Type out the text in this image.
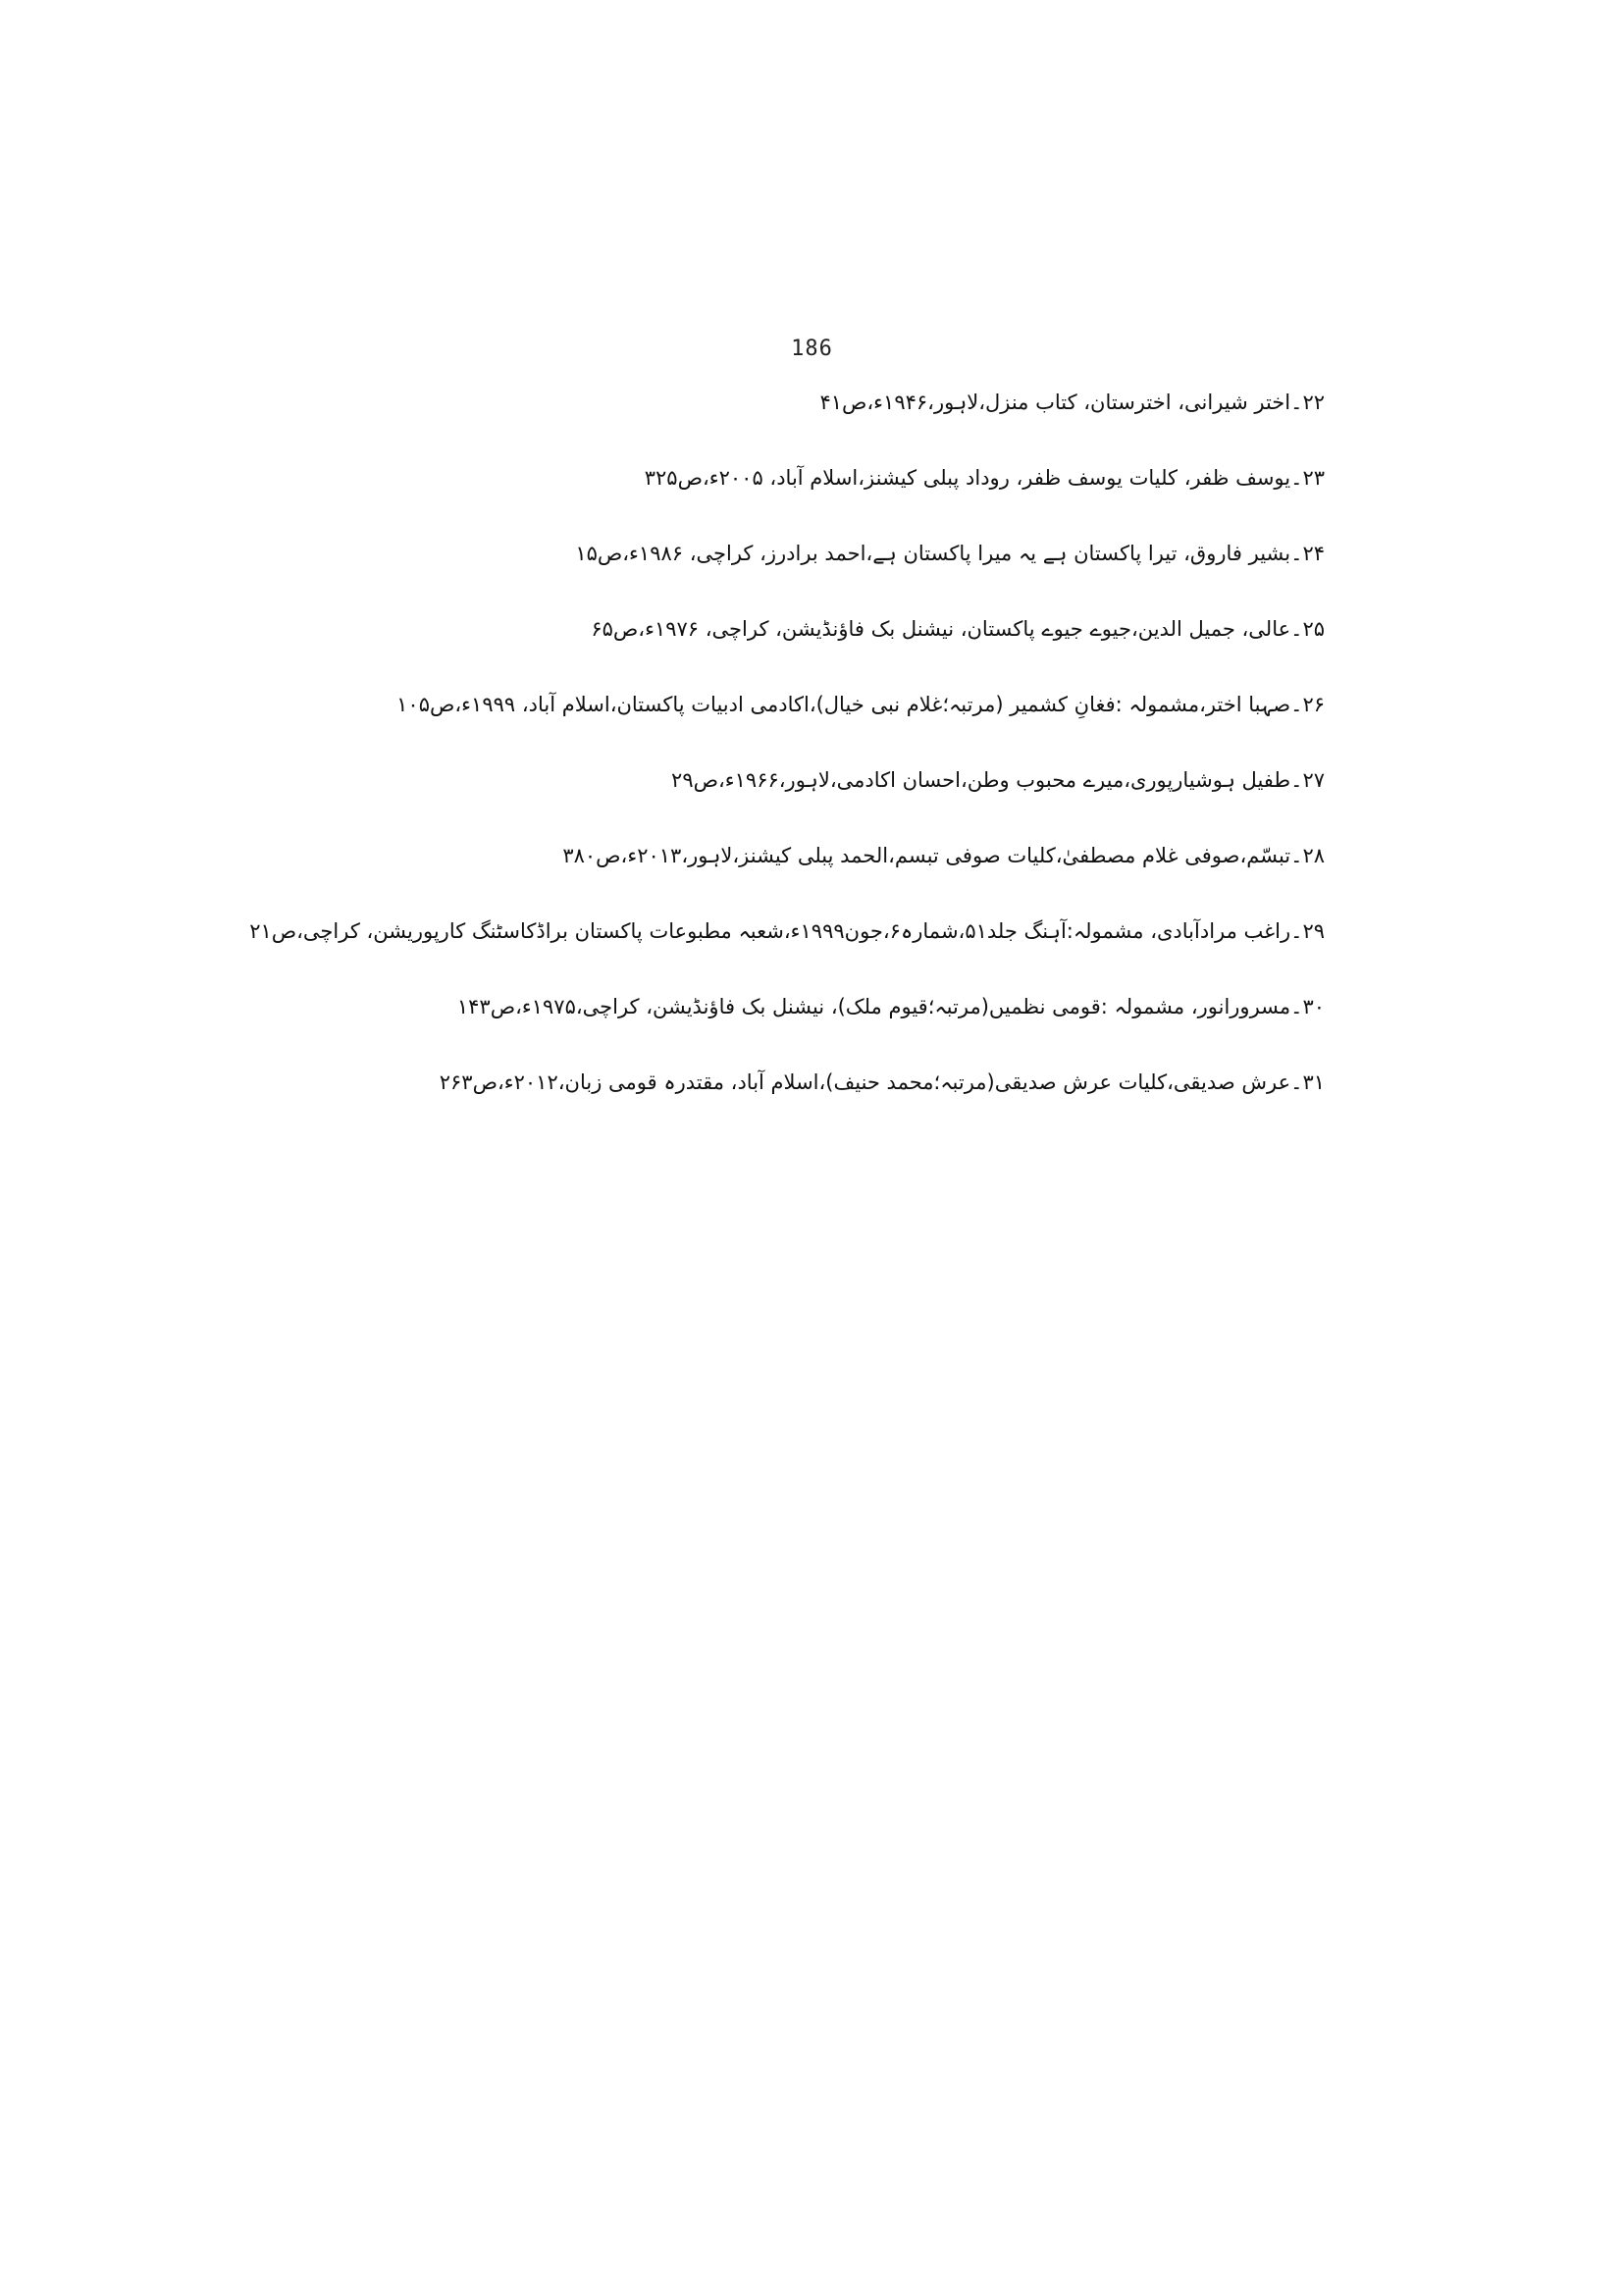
186
۲۲۔اختر شیرانی، اخترستان، کتاب منزل،لاہور،۱۹۴۶ء،ص۴۱
۲۳۔یوسف ظفر، کلیات یوسف ظفر، روداد پبلی کیشنز،اسلام آباد، ۲۰۰۵ء،ص۳۲۵
۲۴۔بشیر فاروق، تیرا پاکستان ہے یہ میرا پاکستان ہے،احمد برادرز، کراچی، ۱۹۸۶ء،ص۱۵
۲۵۔عالی، جمیل الدین،جیوے جیوے پاکستان، نیشنل بک فاؤنڈیشن، کراچی، ۱۹۷۶ء،ص۶۵
۲۶۔صہبا اختر،مشمولہ :فغانِ کشمیر (مرتبہ؛غلام نبی خیال)،اکادمی ادبیات پاکستان،اسلام آباد، ۱۹۹۹ء،ص۱۰۵
۲۷۔طفیل ہوشیارپوری،میرے محبوب وطن،احسان اکادمی،لاہور،۱۹۶۶ء،ص۲۹
۲۸۔تبسّم،صوفی غلام مصطفیٰ،کلیات صوفی تبسم،الحمد پبلی کیشنز،لاہور،۲۰۱۳ء،ص۳۸۰
۲۹۔راغب مرادآبادی، مشمولہ:آہنگ جلد۵۱،شمارہ۶،جون۱۹۹۹ء،شعبہ مطبوعات پاکستان براڈکاسٹنگ کارپوریشن، کراچی،ص۲۱
۳۰۔مسرورانور، مشمولہ :قومی نظمیں(مرتبہ؛قیوم ملک)، نیشنل بک فاؤنڈیشن، کراچی،۱۹۷۵ء،ص۱۴۳
۳۱۔عرش صدیقی،کلیات عرش صدیقی(مرتبہ؛محمد حنیف)،اسلام آباد، مقتدرہ قومی زبان،۲۰۱۲ء،ص۲۶۳
